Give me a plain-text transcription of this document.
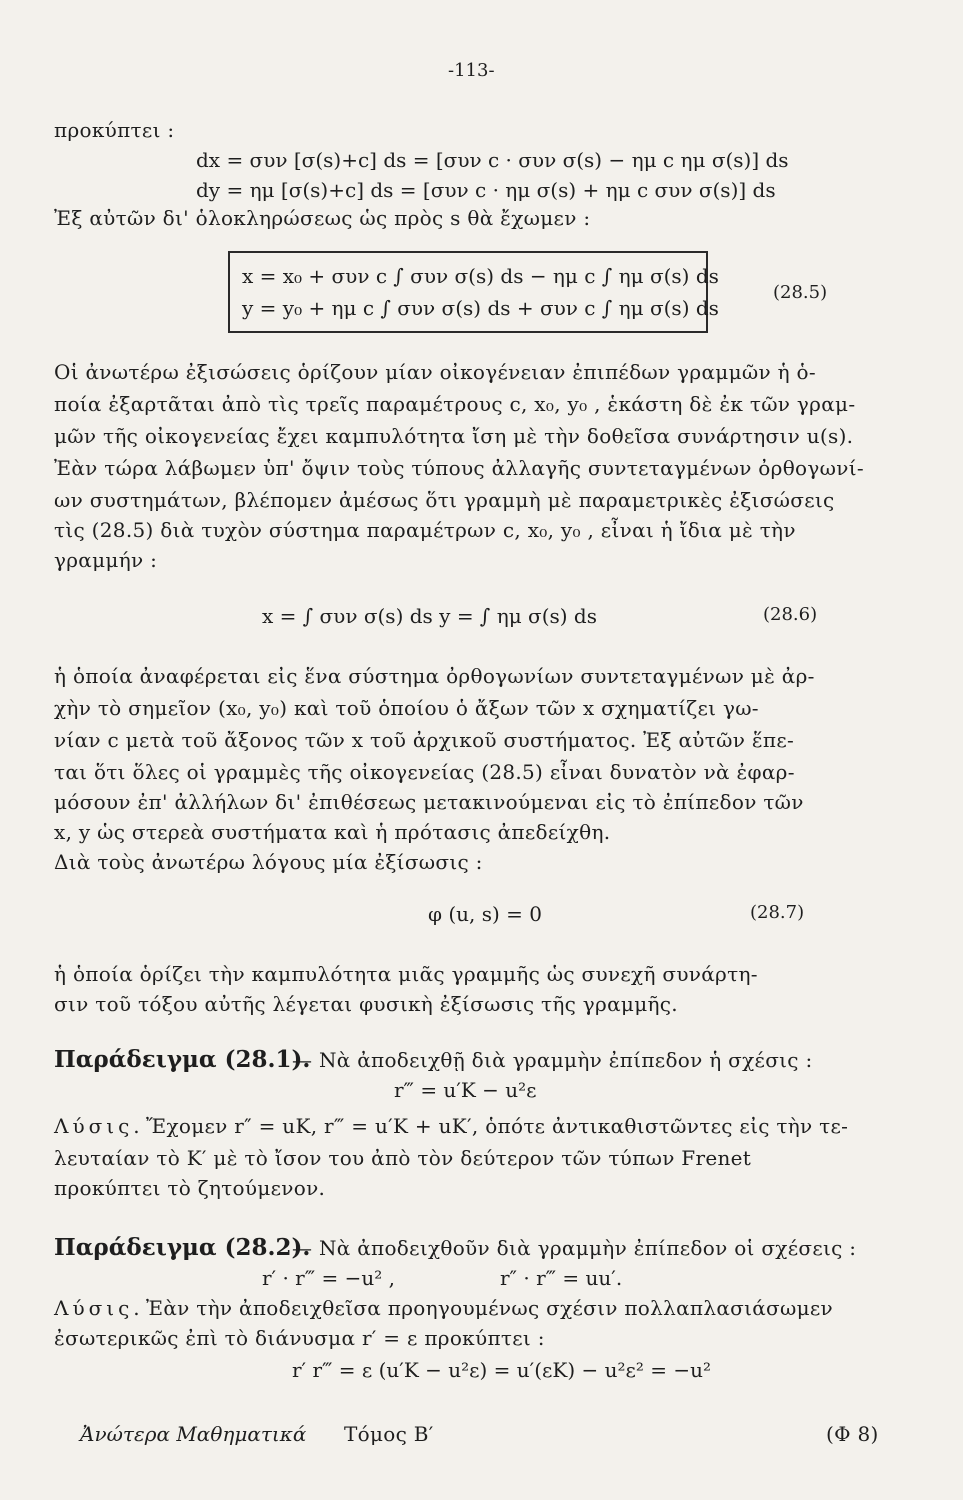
-113-
προκύπτει :
dx = συν [σ(s)+c] ds = [συν c · συν σ(s) − ημ c ημ σ(s)] ds
dy = ημ [σ(s)+c] ds = [συν c · ημ σ(s) + ημ c συν σ(s)] ds
Ἐξ αὐτῶν δι' ὁλοκληρώσεως ὡς πρὸς s θὰ ἔχωμεν :
x = x₀ + συν c ∫ συν σ(s) ds − ημ c ∫ ημ σ(s) ds
y = y₀ + ημ c ∫ συν σ(s) ds + συν c ∫ ημ σ(s) ds
(28.5)
Οἱ ἀνωτέρω ἐξισώσεις ὁρίζουν μίαν οἰκογένειαν ἐπιπέδων γραμμῶν ἡ ὁ-
ποία ἐξαρτᾶται ἀπὸ τὶς τρεῖς παραμέτρους c, x₀, y₀ , ἑκάστη δὲ ἐκ τῶν γραμ-
μῶν τῆς οἰκογενείας ἔχει καμπυλότητα ἴση μὲ τὴν δοθεῖσα συνάρτησιν u(s).
Ἐὰν τώρα λάβωμεν ὑπ' ὄψιν τοὺς τύπους ἀλλαγῆς συντεταγμένων ὀρθογωνί-
ων συστημάτων, βλέπομεν ἀμέσως ὅτι γραμμὴ μὲ παραμετρικὲς ἐξισώσεις
τὶς (28.5) διὰ τυχὸν σύστημα παραμέτρων c, x₀, y₀ , εἶναι ἡ ἴδια μὲ τὴν
γραμμήν :
x = ∫ συν σ(s) ds y = ∫ ημ σ(s) ds	(28.6)
ἡ ὁποία ἀναφέρεται εἰς ἕνα σύστημα ὀρθογωνίων συντεταγμένων μὲ ἀρ-
χὴν τὸ σημεῖον (x₀, y₀) καὶ τοῦ ὁποίου ὁ ἄξων τῶν x σχηματίζει γω-
νίαν c μετὰ τοῦ ἄξονος τῶν x τοῦ ἀρχικοῦ συστήματος. Ἐξ αὐτῶν ἕπε-
ται ὅτι ὅλες οἱ γραμμὲς τῆς οἰκογενείας (28.5) εἶναι δυνατὸν νὰ ἐφαρ-
μόσουν ἐπ' ἀλλήλων δι' ἐπιθέσεως μετακινούμεναι εἰς τὸ ἐπίπεδον τῶν
x, y ὡς στερεὰ συστήματα καὶ ἡ πρότασις ἀπεδείχθη.
Διὰ τοὺς ἀνωτέρω λόγους μία ἐξίσωσις :
φ (u, s) = 0	(28.7)
ἡ ὁποία ὁρίζει τὴν καμπυλότητα μιᾶς γραμμῆς ὡς συνεχῆ συνάρτη-
σιν τοῦ τόξου αὐτῆς λέγεται φυσικὴ ἐξίσωσις τῆς γραμμῆς.
Παράδειγμα (28.1).
— Νὰ ἀποδειχθῇ διὰ γραμμὴν ἐπίπεδον ἡ σχέσις :
r‴ = u′K − u²ε
Λύσις. Ἔχομεν r″ = uK, r‴ = u′K + uK′, ὁπότε ἀντικαθιστῶντες εἰς τὴν τε-
λευταίαν τὸ K′ μὲ τὸ ἴσον του ἀπὸ τὸν δεύτερον τῶν τύπων Frenet
προκύπτει τὸ ζητούμενον.
Παράδειγμα (28.2).
— Νὰ ἀποδειχθοῦν διὰ γραμμὴν ἐπίπεδον οἱ σχέσεις :
r′ · r‴ = −u² ,	r″ · r‴ = uu′.
Λύσις. Ἐὰν τὴν ἀποδειχθεῖσα προηγουμένως σχέσιν πολλαπλασιάσωμεν
ἐσωτερικῶς ἐπὶ τὸ διάνυσμα r′ = ε προκύπτει :
r′ r‴ = ε (u′K − u²ε) = u′(εK) − u²ε² = −u²
Ἀνώτερα Μαθηματικά Τόμος Β′	(Φ 8)
